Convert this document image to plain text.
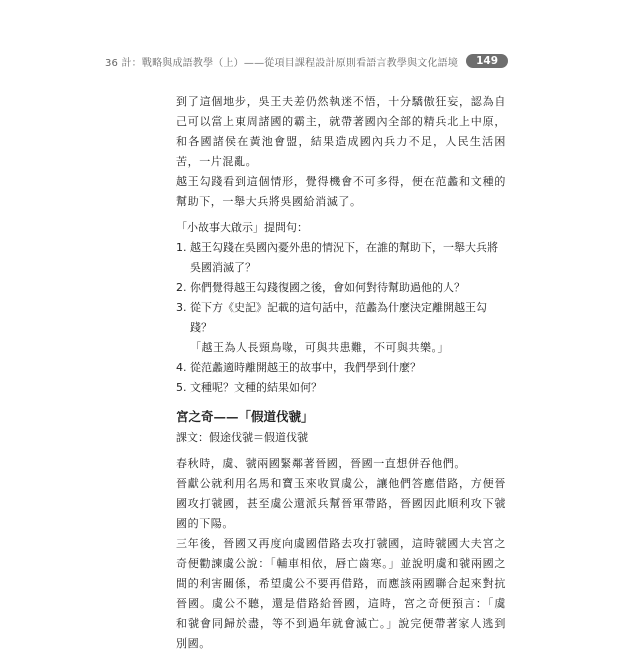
36 計：戰略與成語教學（上）——從項目課程設計原則看語言教學與文化語境	149

到了這個地步，吳王夫差仍然執迷不悟，十分驕傲狂妄，認為自己可以當上東周諸國的霸主，就帶著國內全部的精兵北上中原，和各國諸侯在黃池會盟，結果造成國內兵力不足，人民生活困苦，一片混亂。

越王勾踐看到這個情形，覺得機會不可多得，便在范蠡和文種的幫助下，一舉大兵將吳國給消滅了。

「小故事大啟示」提問句：

1. 越王勾踐在吳國內憂外患的情況下，在誰的幫助下，一舉大兵將吳國消滅了？
2. 你們覺得越王勾踐復國之後，會如何對待幫助過他的人？
3. 從下方《史記》記載的這句話中，范蠡為什麼決定離開越王勾踐？

「越王為人長頸鳥喙，可與共患難，不可與共樂。」

4. 從范蠡適時離開越王的故事中，我們學到什麼？
5. 文種呢？文種的結果如何？

宮之奇——「假道伐虢」

課文：假途伐虢＝假道伐虢

春秋時，虞、虢兩國緊鄰著晉國，晉國一直想併吞他們。

晉獻公就利用名馬和寶玉來收買虞公，讓他們答應借路，方便晉國攻打虢國，甚至虞公還派兵幫晉軍帶路，晉國因此順利攻下虢國的下陽。

三年後，晉國又再度向虞國借路去攻打虢國，這時虢國大夫宮之奇便勸諫虞公說：「輔車相依，唇亡齒寒。」並說明虞和虢兩國之間的利害關係，希望虞公不要再借路，而應該兩國聯合起來對抗晉國。虞公不聽，還是借路給晉國，這時，宮之奇便預言：「虞和虢會同歸於盡，等不到過年就會滅亡。」說完便帶著家人逃到別國。
